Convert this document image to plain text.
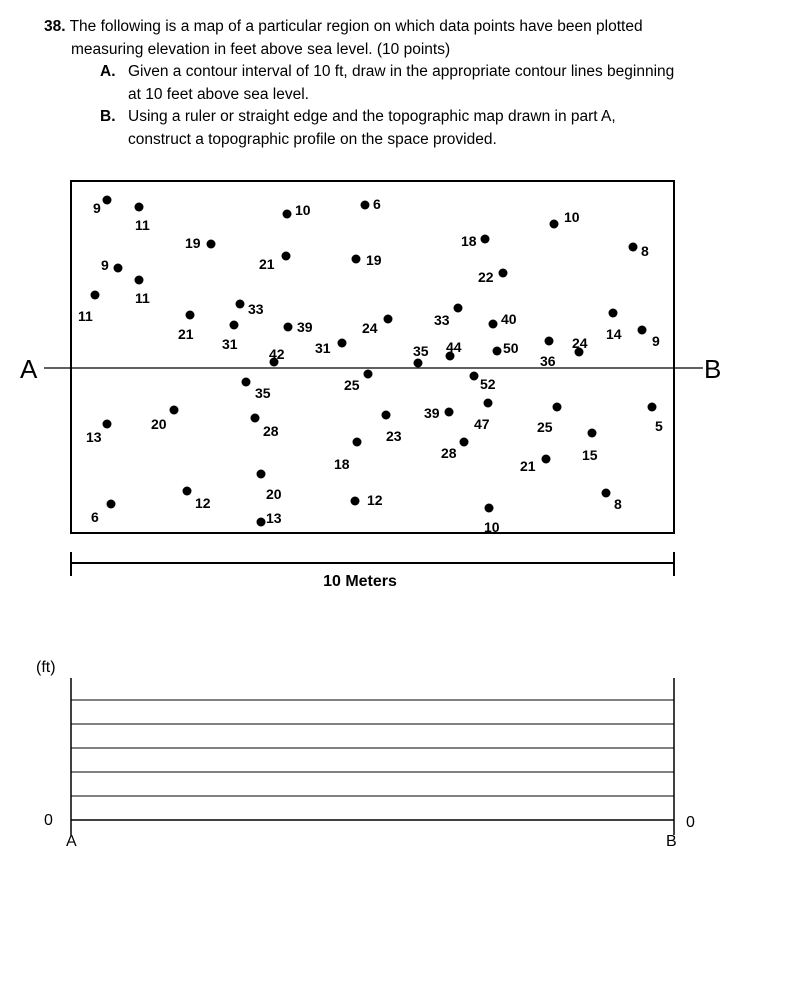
38. The following is a map of a particular region on which data points have been plotted
measuring elevation in feet above sea level. (10 points)
A. Given a contour interval of 10 ft, draw in the appropriate contour lines beginning
at 10 feet above sea level.
B. Using a ruler or straight edge and the topographic map drawn in part A,
construct a topographic profile on the space provided.
A	B
9
11
10	6
19
21	19
18
10
8
9
11
22
11	33
21
31
39
42 31
24	33
44
35
40
50
36
24
14 9
35	25	52
20	28
13
39
47
23
25	5
28
18	21
15
20
12	12
6	13
10
8
10 Meters
(ft)
0	0
A	B
